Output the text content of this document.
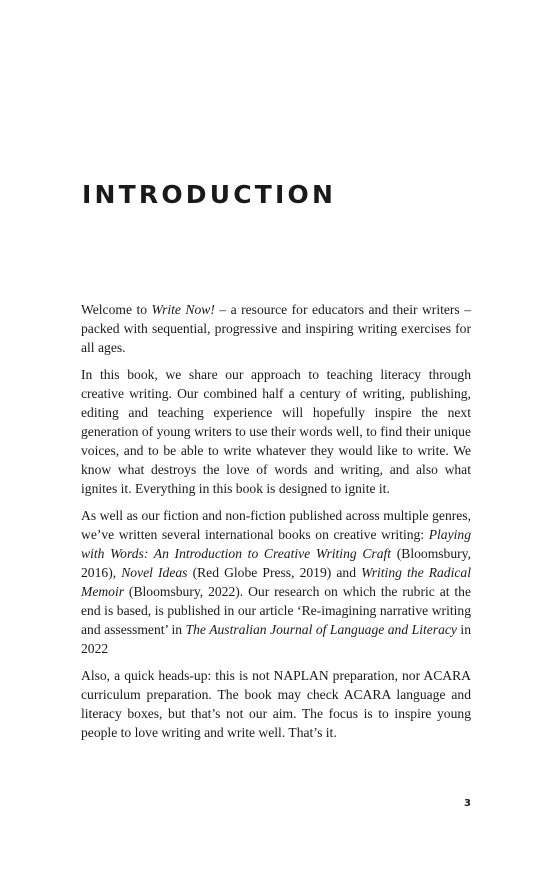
INTRODUCTION

Welcome to Write Now! – a resource for educators and their writers – packed with sequential, progressive and inspiring writing exercises for all ages.

In this book, we share our approach to teaching literacy through creative writing. Our combined half a century of writing, publishing, editing and teaching experience will hopefully inspire the next generation of young writers to use their words well, to find their unique voices, and to be able to write whatever they would like to write. We know what destroys the love of words and writing, and also what ignites it. Everything in this book is designed to ignite it.

As well as our fiction and non-fiction published across multiple genres, we’ve written several international books on creative writing: Playing with Words: An Introduction to Creative Writing Craft (Bloomsbury, 2016), Novel Ideas (Red Globe Press, 2019) and Writing the Radical Memoir (Bloomsbury, 2022). Our research on which the rubric at the end is based, is published in our article ‘Re-imagining narrative writing and assessment’ in The Australian Journal of Language and Literacy in 2022

Also, a quick heads-up: this is not NAPLAN preparation, nor ACARA curriculum preparation. The book may check ACARA language and literacy boxes, but that’s not our aim. The focus is to inspire young people to love writing and write well. That’s it.

3
